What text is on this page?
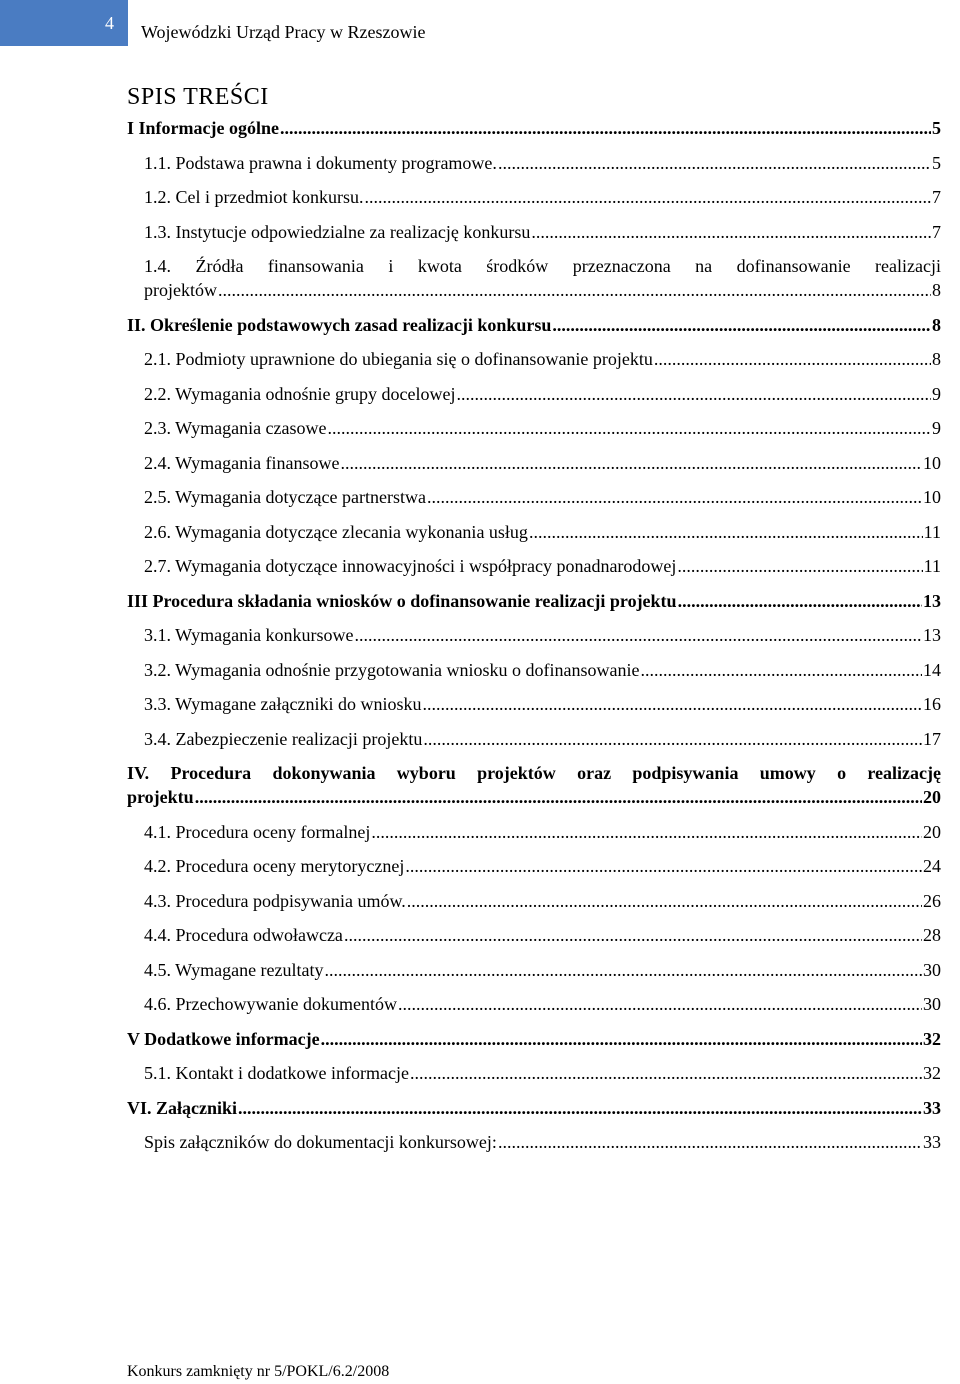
4 Wojewódzki Urząd Pracy w Rzeszowie
SPIS TREŚCI
I Informacje ogólne .....	5
1.1. Podstawa prawna i dokumenty programowe. .....	5
1.2. Cel i przedmiot konkursu. .....	7
1.3. Instytucje odpowiedzialne za realizację konkursu .....	7
1.4. Źródła finansowania i kwota środków przeznaczona na dofinansowanie realizacji
projektów .....	8
II. Określenie podstawowych zasad realizacji konkursu .....	8
2.1. Podmioty uprawnione do ubiegania się o dofinansowanie projektu .....	8
2.2. Wymagania odnośnie grupy docelowej .....	9
2.3. Wymagania czasowe .....	9
2.4. Wymagania finansowe .....	10
2.5. Wymagania dotyczące partnerstwa .....	10
2.6. Wymagania dotyczące zlecania wykonania usług .....	11
2.7. Wymagania dotyczące innowacyjności i współpracy ponadnarodowej .....	11
III Procedura składania wniosków o dofinansowanie realizacji projektu .....	13
3.1. Wymagania konkursowe .....	13
3.2. Wymagania odnośnie przygotowania wniosku o dofinansowanie .....	14
3.3. Wymagane załączniki do wniosku .....	16
3.4. Zabezpieczenie realizacji projektu .....	17
IV. Procedura dokonywania wyboru projektów oraz podpisywania umowy o realizację
projektu .....	20
4.1. Procedura oceny formalnej .....	20
4.2. Procedura oceny merytorycznej .....	24
4.3. Procedura podpisywania umów. .....	26
4.4. Procedura odwoławcza .....	28
4.5. Wymagane rezultaty .....	30
4.6. Przechowywanie dokumentów .....	30
V Dodatkowe informacje .....	32
5.1. Kontakt i dodatkowe informacje .....	32
VI. Załączniki .....	33
Spis załączników do dokumentacji konkursowej: .....	33
Konkurs zamknięty nr 5/POKL/6.2/2008
